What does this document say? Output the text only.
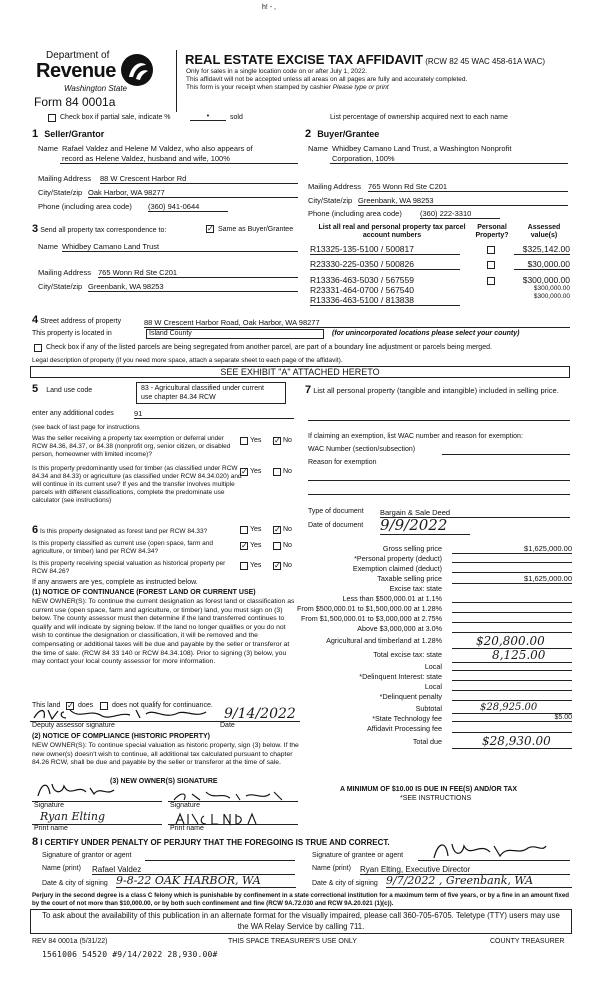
h! - ,
Department of
Revenue
Washington State
Form 84 0001a
REAL ESTATE EXCISE TAX AFFIDAVIT (RCW 82 45 WAC 458-61A WAC)
Only for sales in a single location code on or after July 1, 2022.
This affidavit will not be accepted unless all areas on all pages are fully and accurately completed.
This form is your receipt when stamped by cashier Please type or print
Check box if partial sale, indicate %	•	sold	List percentage of ownership acquired next to each name
1 Seller/Grantor
Name Rafael Valdez and Helene M Valdez, who also appears of
record as Helene Valdez, husband and wife, 100%
Mailing Address 88 W Crescent Harbor Rd
City/State/zip Oak Harbor, WA 98277
Phone (including area code) (360) 941-0644
2 Buyer/Grantee
Name Whidbey Camano Land Trust, a Washington Nonprofit
Corporation, 100%
Mailing Address 765 Wonn Rd Ste C201
City/State/zip Greenbank, WA 98253
Phone (including area code) (360) 222-3310
3 Send all property tax correspondence to:	✓ Same as Buyer/Grantee
Name Whidbey Camano Land Trust
Mailing Address 765 Wonn Rd Ste C201
City/State/zip Greenbank, WA 98253
List all real and personal property tax parcel account numbers
Personal Property?
Assessed value(s)
R13325-135-5100 / 500817	$325,142.00
R23330-225-0350 / 500826	$30,000.00
R13336-463-5030 / 567559	$300,000.00
R23331-464-0700 / 567540	$300,000.00
R13336-463-5100 / 813838	$300,000.00
4 Street address of property	88 W Crescent Harbor Road, Oak Harbor, WA 98277
This property is located in	Island County	(for unincorporated locations please select your county)
Check box if any of the listed parcels are being segregated from another parcel, are part of a boundary line adjustment or parcels being merged.
Legal description of property (if you need more space, attach a separate sheet to each page of the affidavit).
SEE EXHIBIT "A" ATTACHED HERETO
5 Land use code	83 - Agricultural classified under current
use chapter 84.34 RCW
enter any additional codes	91
(see back of last page for instructions
Was the seller receiving a property tax exemption or deferral under RCW 84.36, 84.37, or 84.38 (nonprofit org, senior citizen, or disabled person, homeowner with limited income)?
Yes ✓ No
Is this property predominantly used for timber (as classified under RCW 84.34 and 84.33) or agriculture (as classified under RCW 84.34.020) and will continue in its current use? If yes and the transfer involves multiple parcels with different classifications, complete the predominate use calculator (see instructions)
✓ Yes	No
6 Is this property designated as forest land per RCW 84.33?	Yes ✓ No
Is this property classified as current use (open space, farm and agriculture, or timber) land per RCW 84.34?
✓ Yes	No
Is this property receiving special valuation as historical property per RCW 84.26?
Yes ✓ No
If any answers are yes, complete as instructed below.
(1) NOTICE OF CONTINUANCE (FOREST LAND OR CURRENT USE)
NEW OWNER(S): To continue the current designation as forest land or classification as current use (open space, farm and agriculture, or timber) land, you must sign on (3) below. The county assessor must then determine if the land transferred continues to qualify and will indicate by signing below. If the land no longer qualifies or you do not wish to continue the designation or classification, it will be removed and the compensating or additional taxes will be due and payable by the seller or transferor at the time of sale. (RCW 84 33 140 or RCW 84.34.108). Prior to signing (3) below, you may contact your local county assessor for more information.
This land ✓ does	does not qualify for continuance.
9/14/2022
Deputy assessor signature	Date
(2) NOTICE OF COMPLIANCE (HISTORIC PROPERTY)
NEW OWNER(S): To continue special valuation as historic property, sign (3) below. If the new owner(s) doesn't wish to continue, all additional tax calculated pursuant to chapter 84.26 RCW, shall be due and payable by the seller or transferor at the time of sale.
(3) NEW OWNER(S) SIGNATURE
Signature	Signature
Ryan Elting
Print name	Print name
7 List all personal property (tangible and intangible) included in selling price.
If claiming an exemption, list WAC number and reason for exemption:
WAC Number (section/subsection)
Reason for exemption
Type of document Bargain & Sale Deed
Date of document 9/9/2022
Gross selling price	$1,625,000.00
*Personal property (deduct)
Exemption claimed (deduct)
Taxable selling price	$1,625,000.00
Excise tax: state
Less than $500,000.01 at 1.1%
From $500,000.01 to $1,500,000.00 at 1.28%
From $1,500,000.01 to $3,000,000 at 2.75%
Above $3,000,000 at 3.0%
Agricultural and timberland at 1.28%	$20,800.00
Total excise tax: state	8,125.00
Local
*Delinquent Interest: state
Local
*Delinquent penalty
Subtotal	$28,925.00
*State Technology fee	$5.00
Affidavit Processing fee
Total due	$28,930.00
A MINIMUM OF $10.00 IS DUE IN FEE(S) AND/OR TAX
*SEE INSTRUCTIONS
8 I CERTIFY UNDER PENALTY OF PERJURY THAT THE FOREGOING IS TRUE AND CORRECT.
Signature of grantor or agent	Signature of grantee or agent
Name (print) Rafael Valdez	Name (print) Ryan Elting, Executive Director
Date & city of signing 9-8-22 OAK HARBOR, WA	Date & city of signing 9/7/2022 , Greenbank, WA
Perjury in the second degree is a class C felony which is punishable by confinement in a state correctional institution for a maximum term of five years, or by a fine in an amount fixed by the court of not more than $10,000.00, or by both such confinement and fine (RCW 9A.72.030 and RCW 9A.20.021 (1)(c)).
To ask about the availability of this publication in an alternate format for the visually impaired, please call 360-705-6705. Teletype (TTY) users may use the WA Relay Service by calling 711.
REV 84 0001a (5/31/22)	THIS SPACE TREASURER'S USE ONLY	COUNTY TREASURER
1561006 54520 #9/14/2022 28,930.00#
